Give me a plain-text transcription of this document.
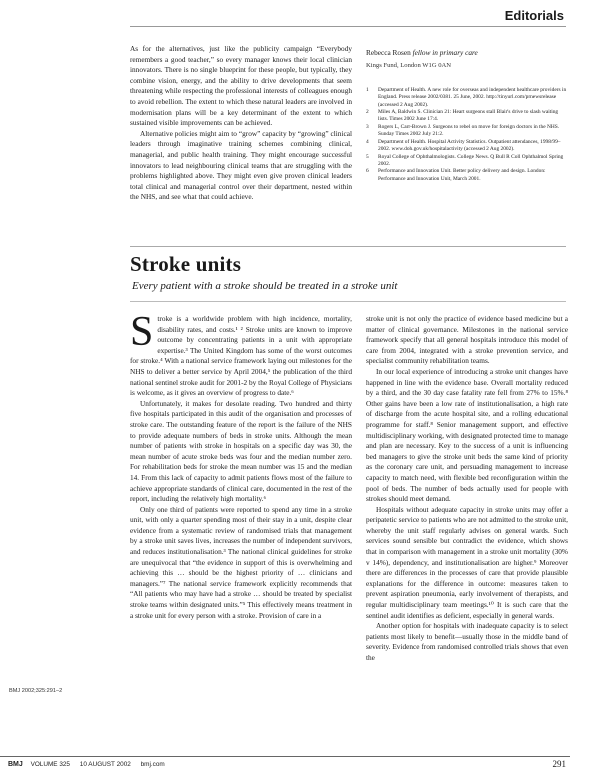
Editorials

As for the alternatives, just like the publicity campaign “Everybody remembers a good teacher,” so every manager knows their local clinician innovators. There is no single blueprint for these people, but typically, they combine vision, energy, and the ability to drive developments that seem threatening while respecting the professional interests of colleagues enough to avoid rebellion. The extent to which these natural leaders are involved in modernisation plans will be a key determinant of the extent to which sustained visible improvements can be achieved.

Alternative policies might aim to “grow” capacity by “growing” clinical leaders through imaginative training schemes combining clinical, managerial, and public health training. They might encourage successful innovators to lead neighbouring clinical teams that are struggling with the problems highlighted above. They might even give proven clinical leaders total clinical and managerial control over their department, nested within the NHS, and see what that could achieve.

Rebecca Rosen fellow in primary care
Kings Fund, London W1G 0AN
1	Department of Health. A new role for overseas and independent healthcare providers in England. Press release 2002/0381. 25 June, 2002. http://tinyurl.com/prnewsrelease (accessed 2 Aug 2002).
2	Miles A, Baldwin S. Clinician 21: Heart surgeons stall Blair's drive to slash waiting lists. Times 2002 June 17:4.
3	Rogers L, Carr-Brown J. Surgeons to rebel on move for foreign doctors in the NHS. Sunday Times 2002 July 21:2.
4	Department of Health. Hospital Activity Statistics. Outpatient attendances, 1998/99–2002. www.doh.gov.uk/hospitalactivity (accessed 2 Aug 2002).
5	Royal College of Ophthalmologists. College News. Q Bull R Coll Ophthalmol Spring 2002.
6	Performance and Innovation Unit. Better policy delivery and design. London: Performance and Innovation Unit, March 2001.
Stroke units
Every patient with a stroke should be treated in a stroke unit

Stroke is a worldwide problem with high incidence, mortality, disability rates, and costs.¹ ² Stroke units are known to improve outcome by concentrating patients in a unit with appropriate expertise.³ The United Kingdom has some of the worst outcomes for stroke.⁴ With a national service framework laying out milestones for the NHS to deliver a better service by April 2004,⁵ the publication of the third national sentinel stroke audit for 2001-2 by the Royal College of Physicians is welcome, as it gives an overview of progress to date.⁶

Unfortunately, it makes for desolate reading. Two hundred and thirty five hospitals participated in this audit of the organisation and processes of stroke care. The outstanding feature of the report is the failure of the NHS to provide adequate numbers of beds in stroke units. Although the mean number of patients with stroke in hospitals on a specific day was 30, the mean number of acute stroke beds was four and the median number zero. For rehabilitation beds for stroke the mean number was 15 and the median 14. From this lack of capacity to admit patients flows most of the failure to achieve appropriate standards of clinical care, documented in the rest of the report, including the relatively high mortality.⁶

Only one third of patients were reported to spend any time in a stroke unit, with only a quarter spending most of their stay in a unit, despite clear evidence from a systematic review of randomised trials that management by a stroke unit saves lives, increases the number of independent survivors, and reduces institutionalisation.³ The national clinical guidelines for stroke are unequivocal that “the evidence in support of this is overwhelming and achieving this … should be the highest priority of … clinicians and managers.”⁷ The national service framework explicitly recommends that “All patients who may have had a stroke … should be treated by specialist stroke teams within designated units.”⁵ This effectively means treatment in a stroke unit for every person with a stroke. Provision of care in a

stroke unit is not only the practice of evidence based medicine but a matter of clinical governance. Milestones in the national service framework specify that all general hospitals introduce this model of care from 2004, integrated with a stroke prevention service, and specialist community rehabilitation teams.

In our local experience of introducing a stroke unit changes have happened in line with the evidence base. Overall mortality reduced by a third, and the 30 day case fatality rate fell from 27% to 15%.⁸ Other gains have been a low rate of institutionalisation, a high rate of discharge from the acute hospital site, and a rolling educational programme for staff.⁸ Senior management support, and effective multidisciplinary working, with designated protected time to manage and plan are necessary. Key to the success of a unit is influencing bed managers to give the stroke unit beds the same kind of priority as the coronary care unit, and persuading management to increase capacity to match need, with flexible bed reconfiguration within the pool of beds. The number of beds actually used for people with strokes should meet demand.

Hospitals without adequate capacity in stroke units may offer a peripatetic service to patients who are not admitted to the stroke unit, whereby the unit staff regularly advises on general wards. Such services sound sensible but contradict the evidence, which shows that in comparison with management in a stroke unit mortality (30% v 14%), dependency, and institutionalisation are higher.⁹ Moreover there are differences in the processes of care that provide plausible explanations for the difference in outcome: measures taken to prevent aspiration pneumonia, early involvement of therapists, and regular multidisciplinary team meetings.¹⁰ It is such care that the sentinel audit identifies as deficient, especially in general wards.

Another option for hospitals with inadequate capacity is to select patients most likely to benefit—usually those in the middle band of severity. Evidence from randomised controlled trials shows that even the

BMJ 2002;325:291–2
BMJ VOLUME 325 10 AUGUST 2002 bmj.com	291
